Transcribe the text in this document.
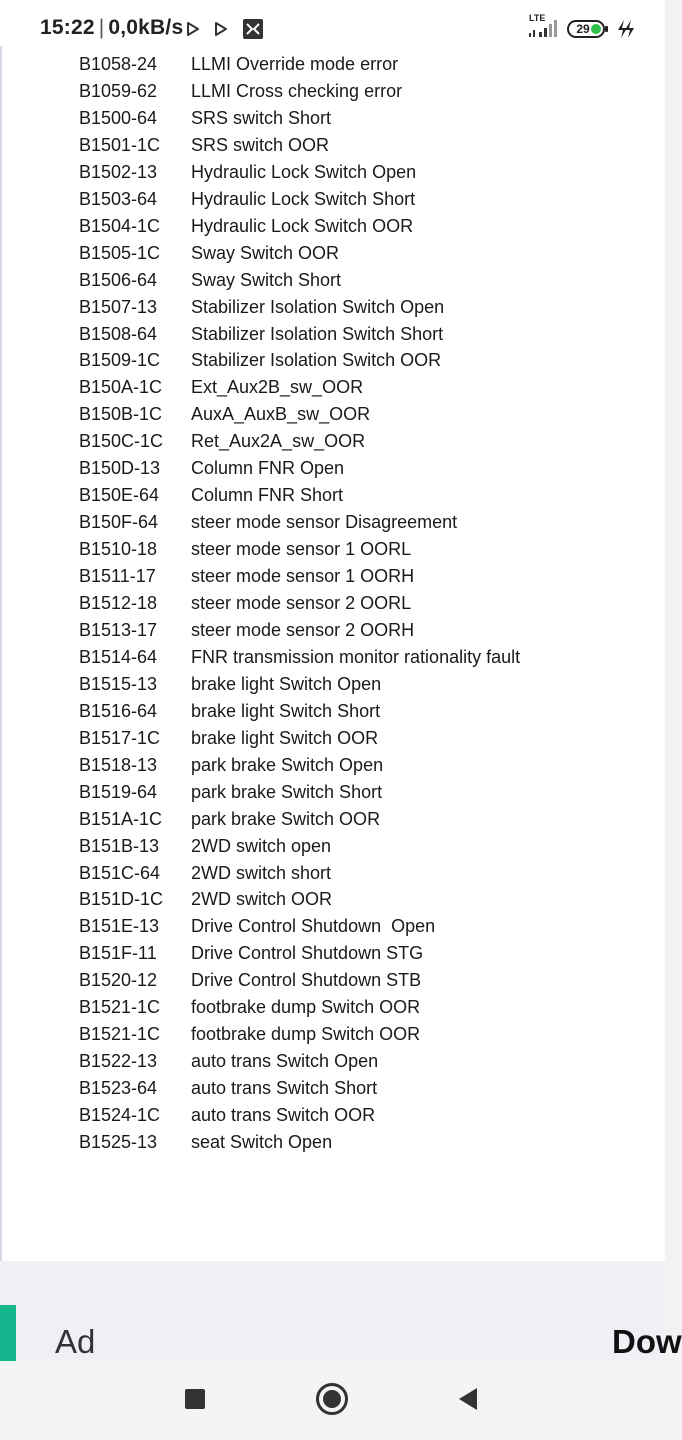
15:22 | 0,0kB/s	LTE
29
B1058-24 LLMI Override mode error
B1059-62 LLMI Cross checking error
B1500-64 SRS switch Short
B1501-1C SRS switch OOR
B1502-13 Hydraulic Lock Switch Open
B1503-64 Hydraulic Lock Switch Short
B1504-1C Hydraulic Lock Switch OOR
B1505-1C Sway Switch OOR
B1506-64 Sway Switch Short
B1507-13 Stabilizer Isolation Switch Open
B1508-64 Stabilizer Isolation Switch Short
B1509-1C Stabilizer Isolation Switch OOR
B150A-1C Ext_Aux2B_sw_OOR
B150B-1C AuxA_AuxB_sw_OOR
B150C-1C Ret_Aux2A_sw_OOR
B150D-13 Column FNR Open
B150E-64 Column FNR Short
B150F-64 steer mode sensor Disagreement
B1510-18 steer mode sensor 1 OORL
B1511-17 steer mode sensor 1 OORH
B1512-18 steer mode sensor 2 OORL
B1513-17 steer mode sensor 2 OORH
B1514-64 FNR transmission monitor rationality fault
B1515-13 brake light Switch Open
B1516-64 brake light Switch Short
B1517-1C brake light Switch OOR
B1518-13 park brake Switch Open
B1519-64 park brake Switch Short
B151A-1C park brake Switch OOR
B151B-13 2WD switch open
B151C-64 2WD switch short
B151D-1C 2WD switch OOR
B151E-13 Drive Control Shutdown  Open
B151F-11 Drive Control Shutdown STG
B1520-12 Drive Control Shutdown STB
B1521-1C footbrake dump Switch OOR
B1521-1C footbrake dump Switch OOR
B1522-13 auto trans Switch Open
B1523-64 auto trans Switch Short
B1524-1C auto trans Switch OOR
B1525-13 seat Switch Open
Ad	Dow
